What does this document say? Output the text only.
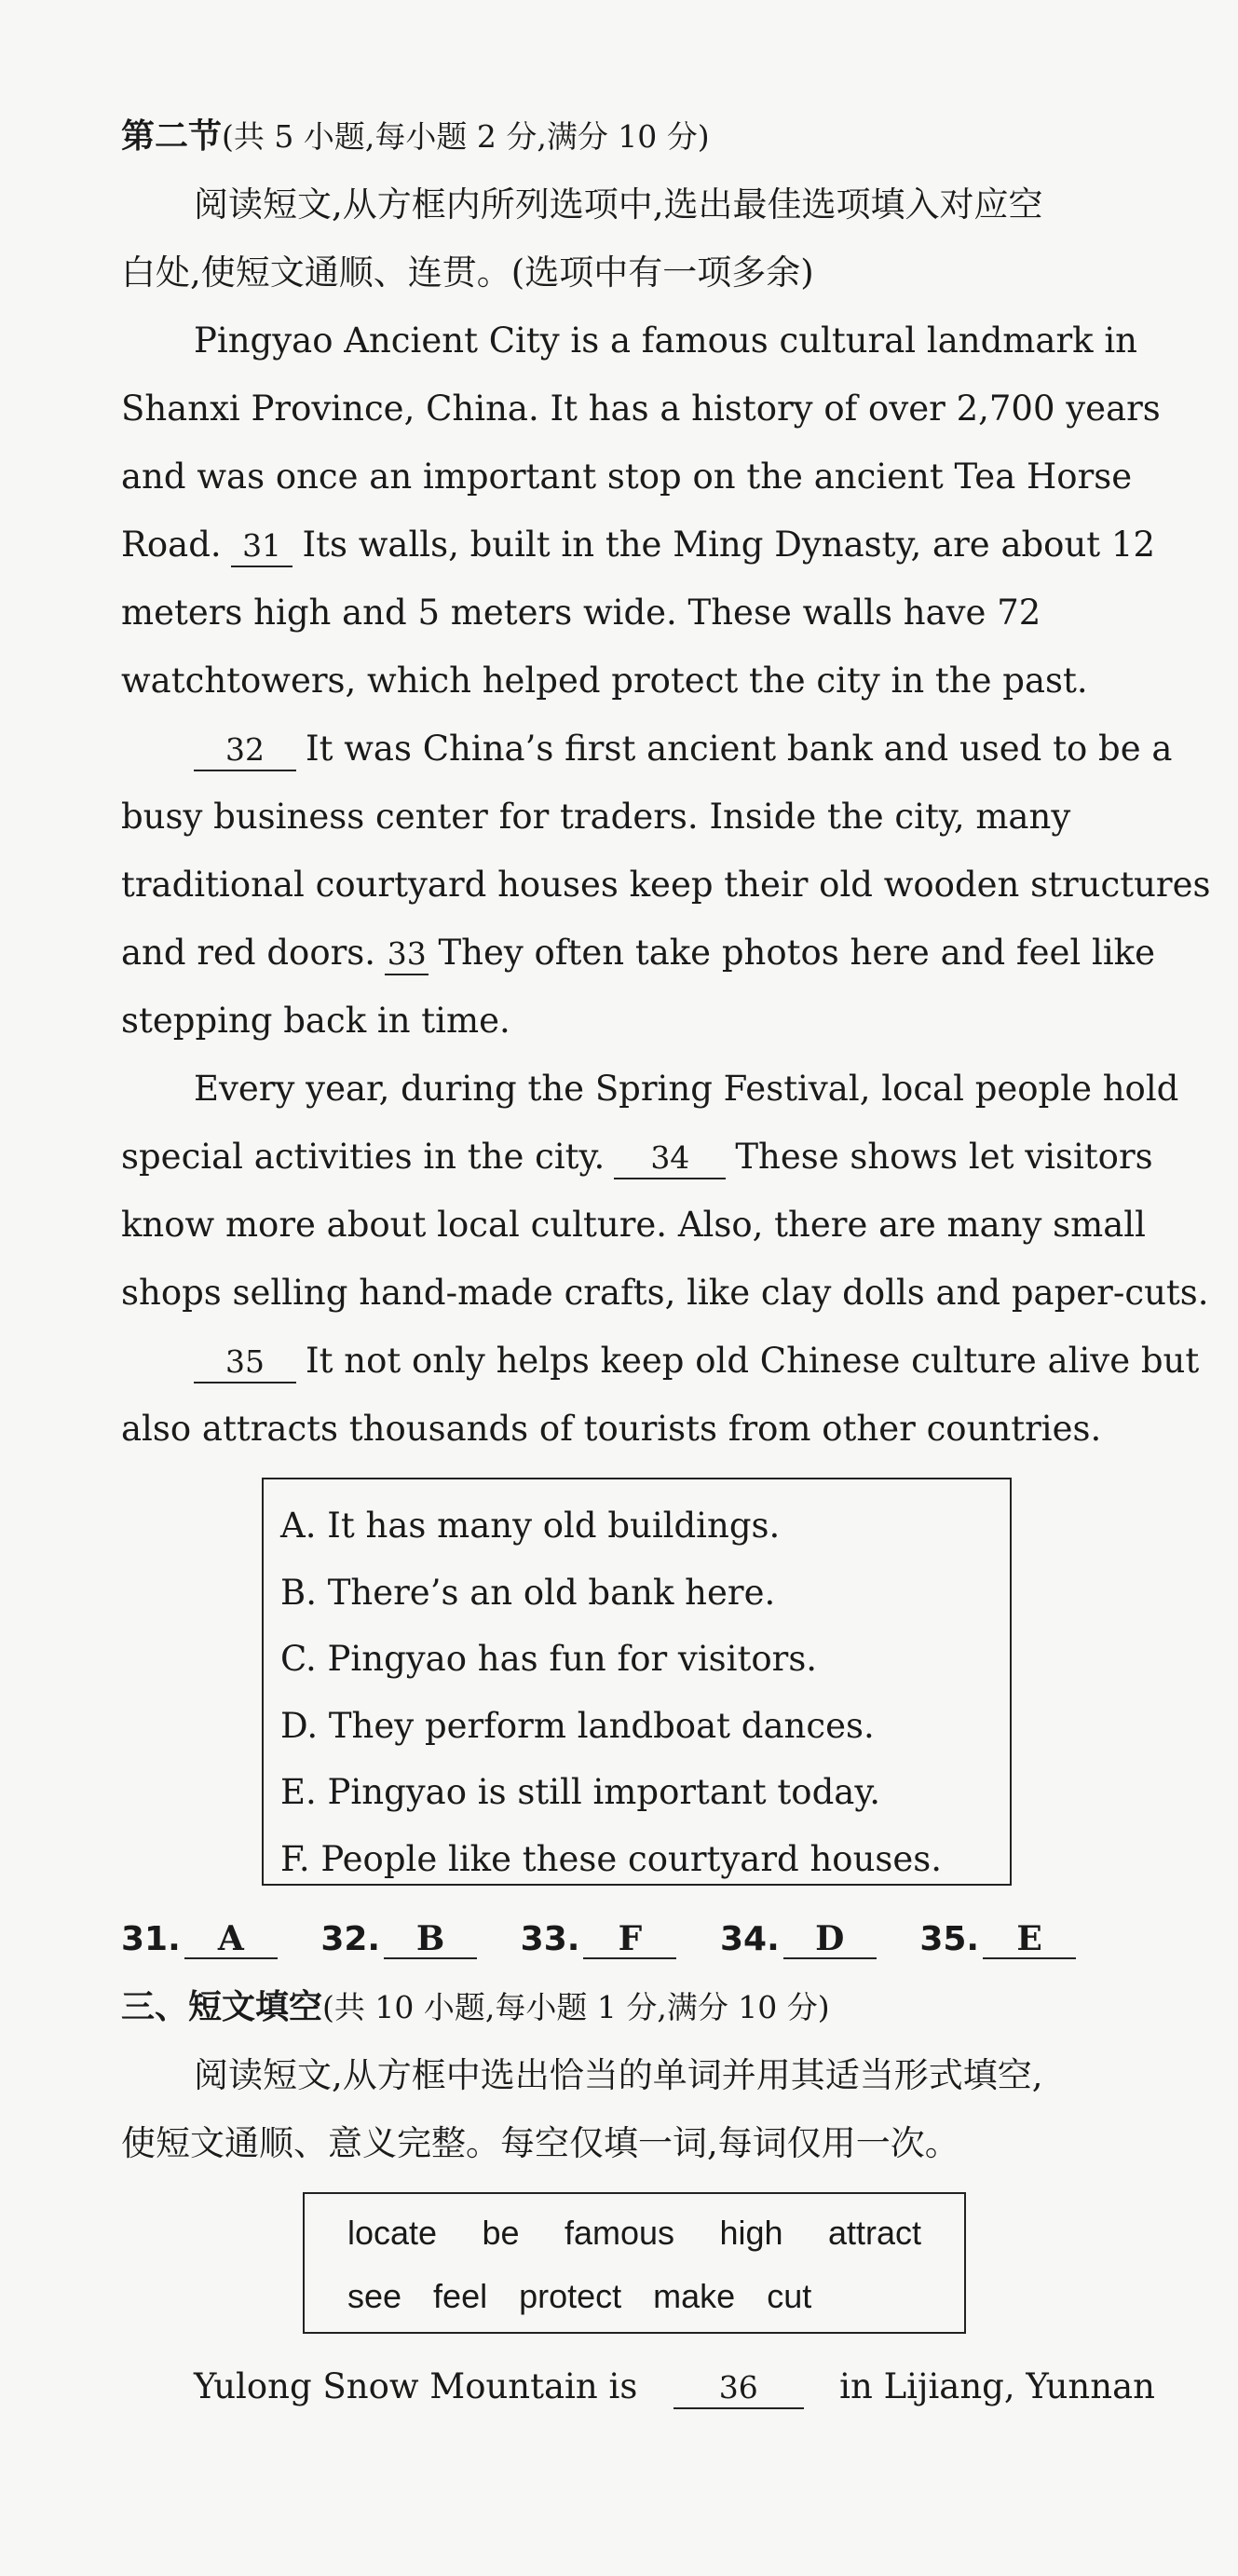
第二节 (共 5 小题,每小题 2 分,满分 10 分)
阅读短文,从方框内所列选项中,选出最佳选项填入对应空
白处,使短文通顺、连贯。(选项中有一项多余)
Pingyao Ancient City is a famous cultural landmark in
Shanxi Province, China. It has a history of over 2,700 years
and was once an important stop on the ancient Tea Horse
Road. 31 Its walls, built in the Ming Dynasty, are about 12
meters high and 5 meters wide. These walls have 72
watchtowers, which helped protect the city in the past.
32	It was China’s first ancient bank and used to be a
busy business center for traders. Inside the city, many
traditional courtyard houses keep their old wooden structures
and red doors. 33 They often take photos here and feel like
stepping back in time.
Every year, during the Spring Festival, local people hold
special activities in the city.	34	These shows let visitors
know more about local culture. Also, there are many small
shops selling hand-made crafts, like clay dolls and paper-cuts.
35	It not only helps keep old Chinese culture alive but
also attracts thousands of tourists from other countries.
A. It has many old buildings.
B. There’s an old bank here.
C. Pingyao has fun for visitors.
D. They perform landboat dances.
E. Pingyao is still important today.
F. People like these courtyard houses.
31. A 32. B 33. F 34. D 35. E
三、短文填空 (共 10 小题,每小题 1 分,满分 10 分)
阅读短文,从方框中选出恰当的单词并用其适当形式填空,
使短文通顺、意义完整。每空仅填一词,每词仅用一次。
locate be famous high attract
see feel protect make cut
Yulong Snow Mountain is	36	in Lijiang, Yunnan
